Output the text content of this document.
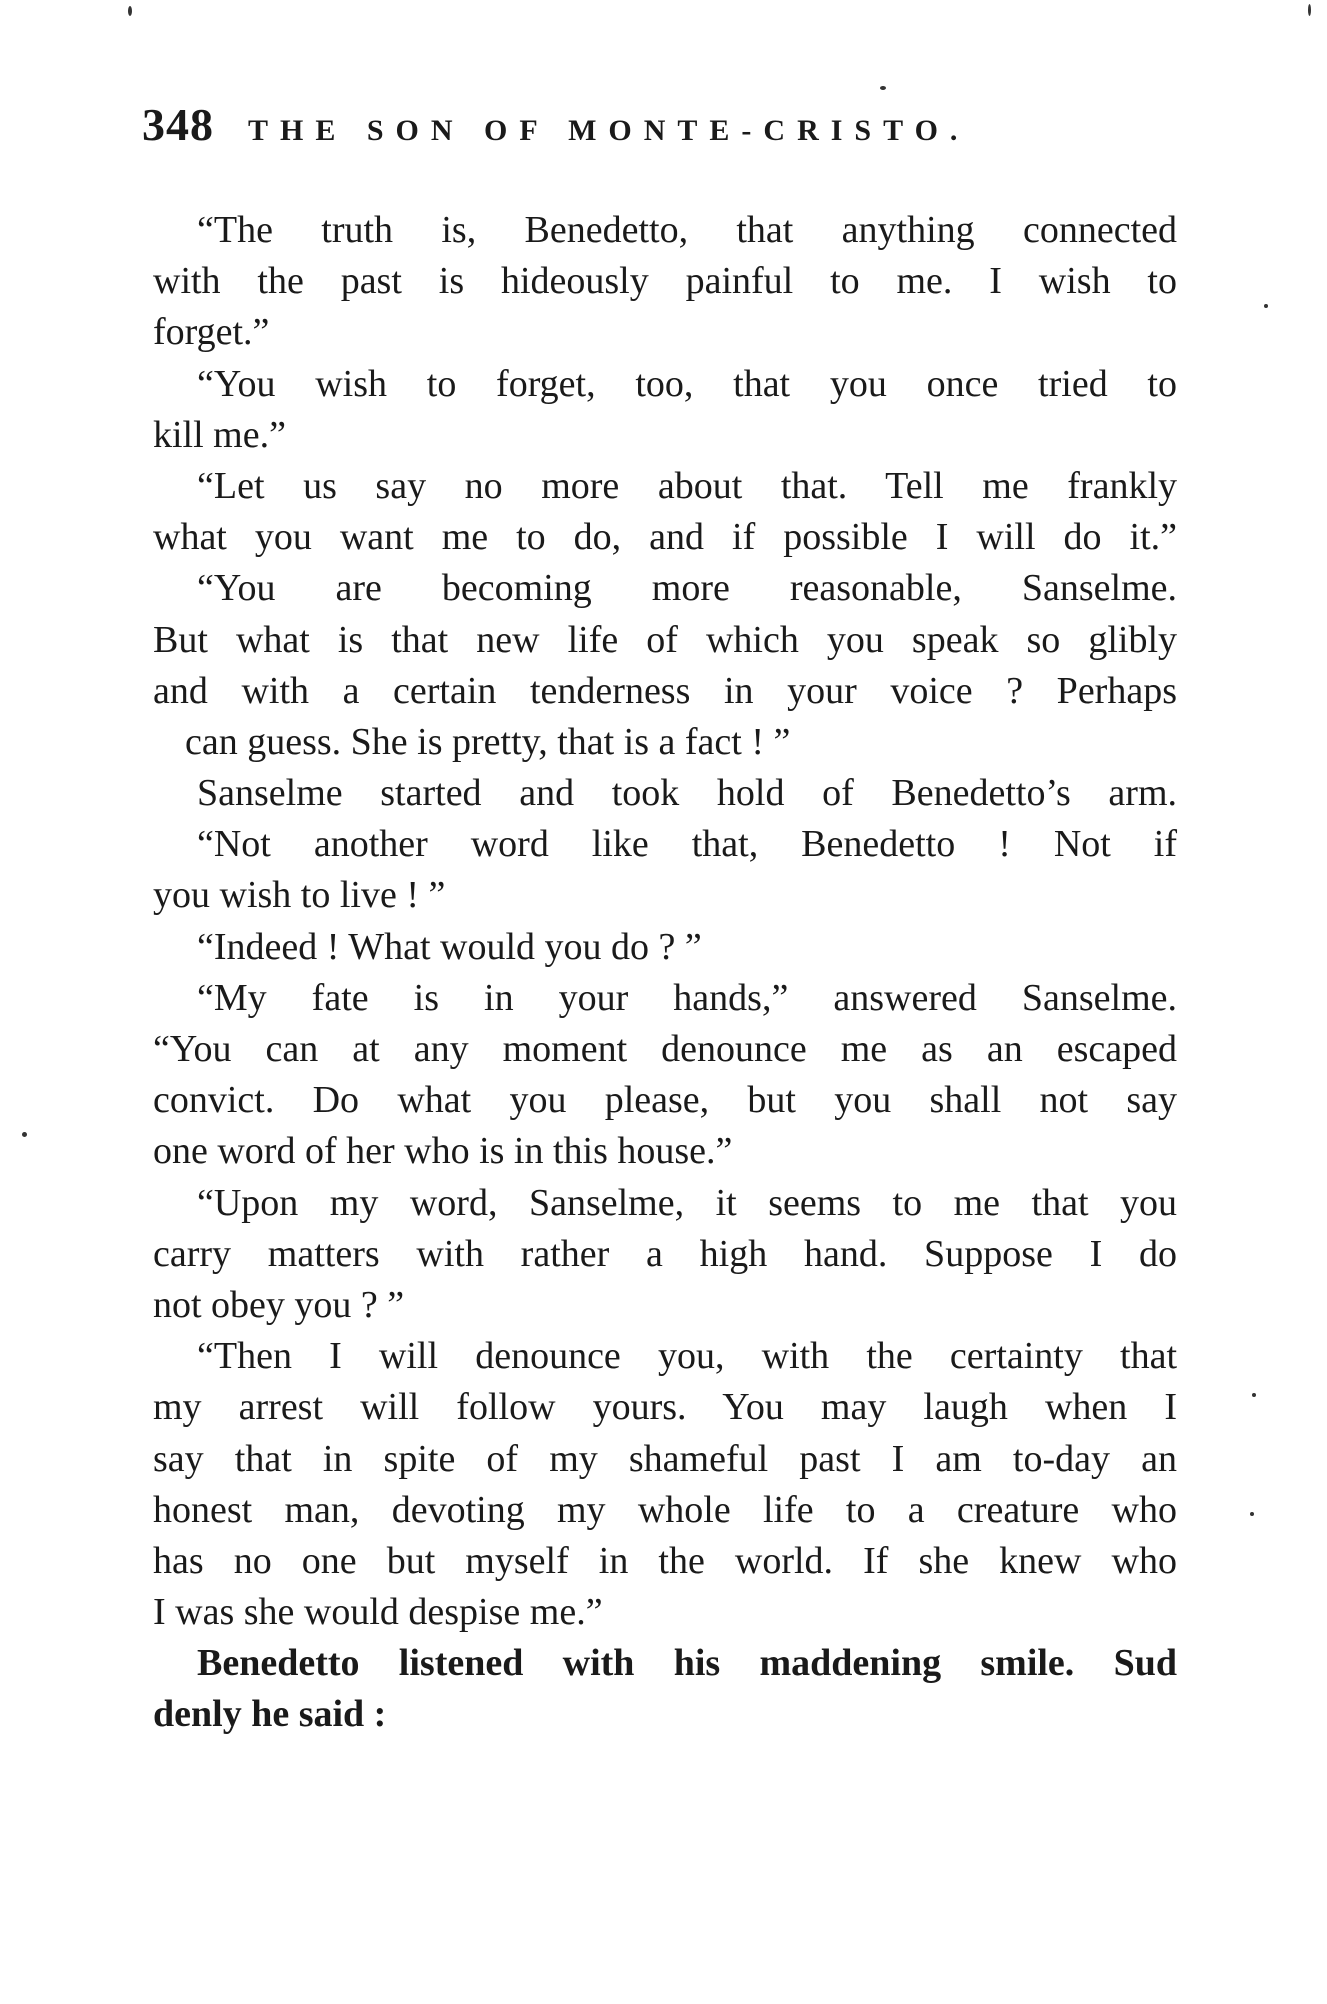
348 THE SON OF MONTE-CRISTO.
“The truth is, Benedetto, that anything connected
with the past is hideously painful to me. I wish to
forget.”
“You wish to forget, too, that you once tried to
kill me.”
“Let us say no more about that. Tell me frankly
what you want me to do, and if possible I will do it.”
“You are becoming more reasonable, Sanselme.
But what is that new life of which you speak so glibly
and with a certain tenderness in your voice ? Perhaps
can guess. She is pretty, that is a fact ! ”
Sanselme started and took hold of Benedetto’s arm.
“Not another word like that, Benedetto ! Not if
you wish to live ! ”
“Indeed ! What would you do ? ”
“My fate is in your hands,” answered Sanselme.
“You can at any moment denounce me as an escaped
convict. Do what you please, but you shall not say
one word of her who is in this house.”
“Upon my word, Sanselme, it seems to me that you
carry matters with rather a high hand. Suppose I do
not obey you ? ”
“Then I will denounce you, with the certainty that
my arrest will follow yours. You may laugh when I
say that in spite of my shameful past I am to-day an
honest man, devoting my whole life to a creature who
has no one but myself in the world. If she knew who
I was she would despise me.”
Benedetto listened with his maddening smile. Sud
denly he said :
